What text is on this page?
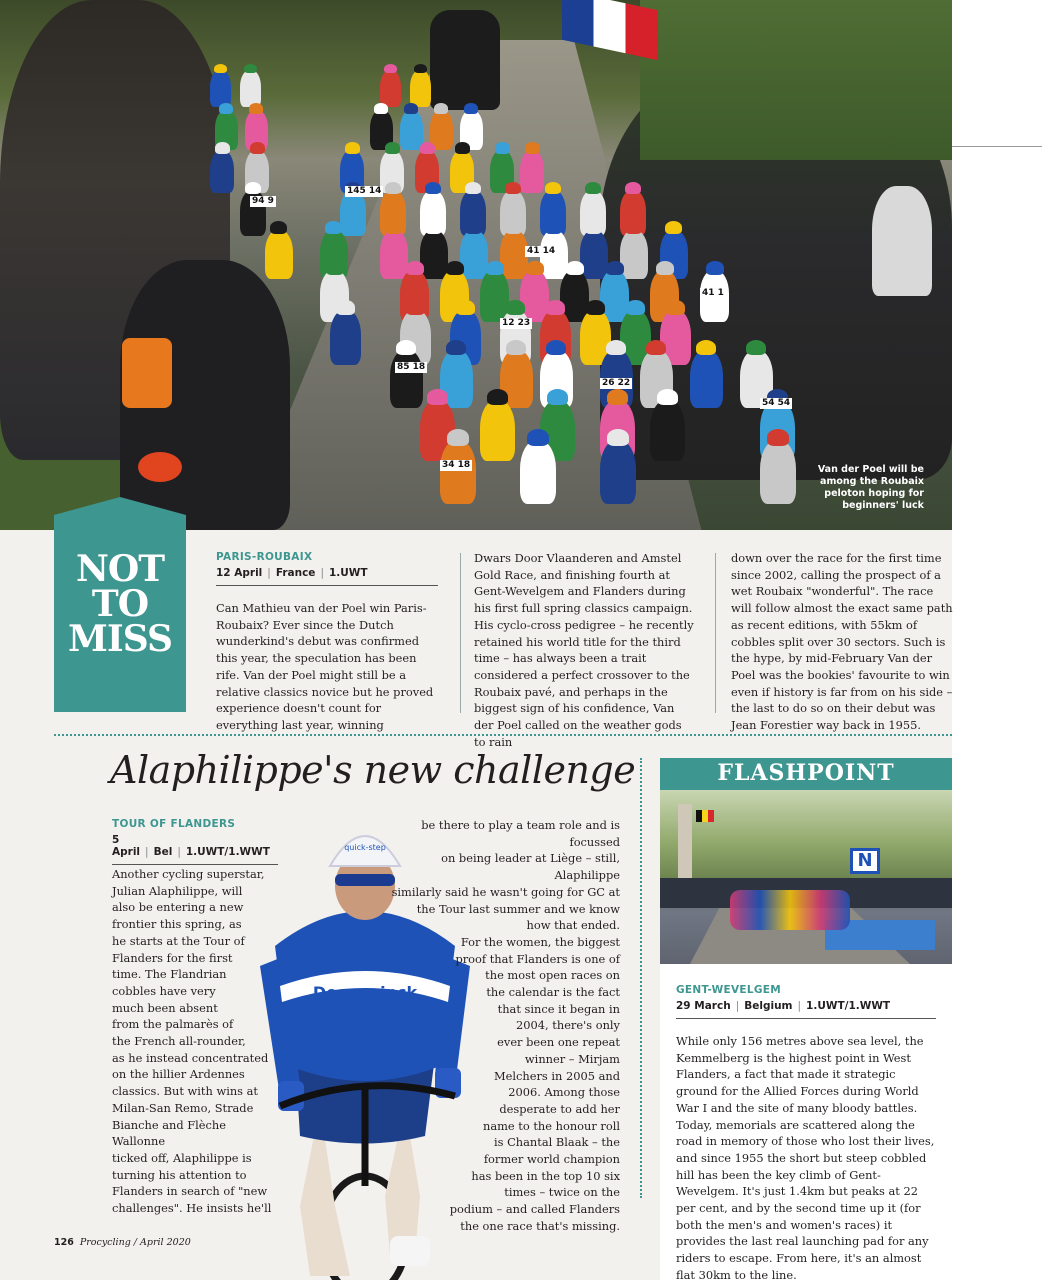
54 54
34 18
26 22
85 18
12 23
94 9
145 14
41 14
41 1
Van der Poel will be among the Roubaix peloton hoping for beginners' luck
NOT
TO
MISS
PARIS-ROUBAIX
12 April | France | 1.UWT
Can Mathieu van der Poel win Paris-Roubaix? Ever since the Dutch wunderkind's debut was confirmed this year, the speculation has been rife. Van der Poel might still be a relative classics novice but he proved experience doesn't count for everything last year, winning
Dwars Door Vlaanderen and Amstel Gold Race, and finishing fourth at Gent-Wevelgem and Flanders during his first full spring classics campaign. His cyclo-cross pedigree – he recently retained his world title for the third time – has always been a trait considered a perfect crossover to the Roubaix pavé, and perhaps in the biggest sign of his confidence, Van der Poel called on the weather gods to rain
down over the race for the first time since 2002, calling the prospect of a wet Roubaix "wonderful". The race will follow almost the exact same path as recent editions, with 55km of cobbles split over 30 sectors. Such is the hype, by mid-February Van der Poel was the bookies' favourite to win even if history is far from on his side – the last to do so on their debut was Jean Forestier way back in 1955.
Alaphilippe's new challenge
TOUR OF FLANDERS
5 April | Bel | 1.UWT/1.WWT
Deceuninck
quick-step
Another cycling superstar,
Julian Alaphilippe, will
also be entering a new
frontier this spring, as
he starts at the Tour of
Flanders for the first
time. The Flandrian
cobbles have very
much been absent
from the palmarès of
the French all-rounder,
as he instead concentrated
on the hillier Ardennes
classics. But with wins at
Milan-San Remo, Strade
Bianche and Flèche Wallonne
ticked off, Alaphilippe is
turning his attention to
Flanders in search of "new
challenges". He insists he'll
be there to play a team role and is focussed
on being leader at Liège – still, Alaphilippe
similarly said he wasn't going for GC at
the Tour last summer and we know
how that ended.
For the women, the biggest
proof that Flanders is one of
the most open races on
the calendar is the fact
that since it began in
2004, there's only
ever been one repeat
winner – Mirjam
Melchers in 2005 and
2006. Among those
desperate to add her
name to the honour roll
is Chantal Blaak – the
former world champion
has been in the top 10 six
times – twice on the
podium – and called Flanders
the one race that's missing.
FLASHPOINT
N
GENT-WEVELGEM
29 March | Belgium | 1.UWT/1.WWT
While only 156 metres above sea level, the Kemmelberg is the highest point in West Flanders, a fact that made it strategic ground for the Allied Forces during World War I and the site of many bloody battles. Today, memorials are scattered along the road in memory of those who lost their lives, and since 1955 the short but steep cobbled hill has been the key climb of Gent-Wevelgem. It's just 1.4km but peaks at 22 per cent, and by the second time up it (for both the men's and women's races) it provides the last real launching pad for any riders to escape. From here, it's an almost flat 30km to the line.
126 Procycling / April 2020
